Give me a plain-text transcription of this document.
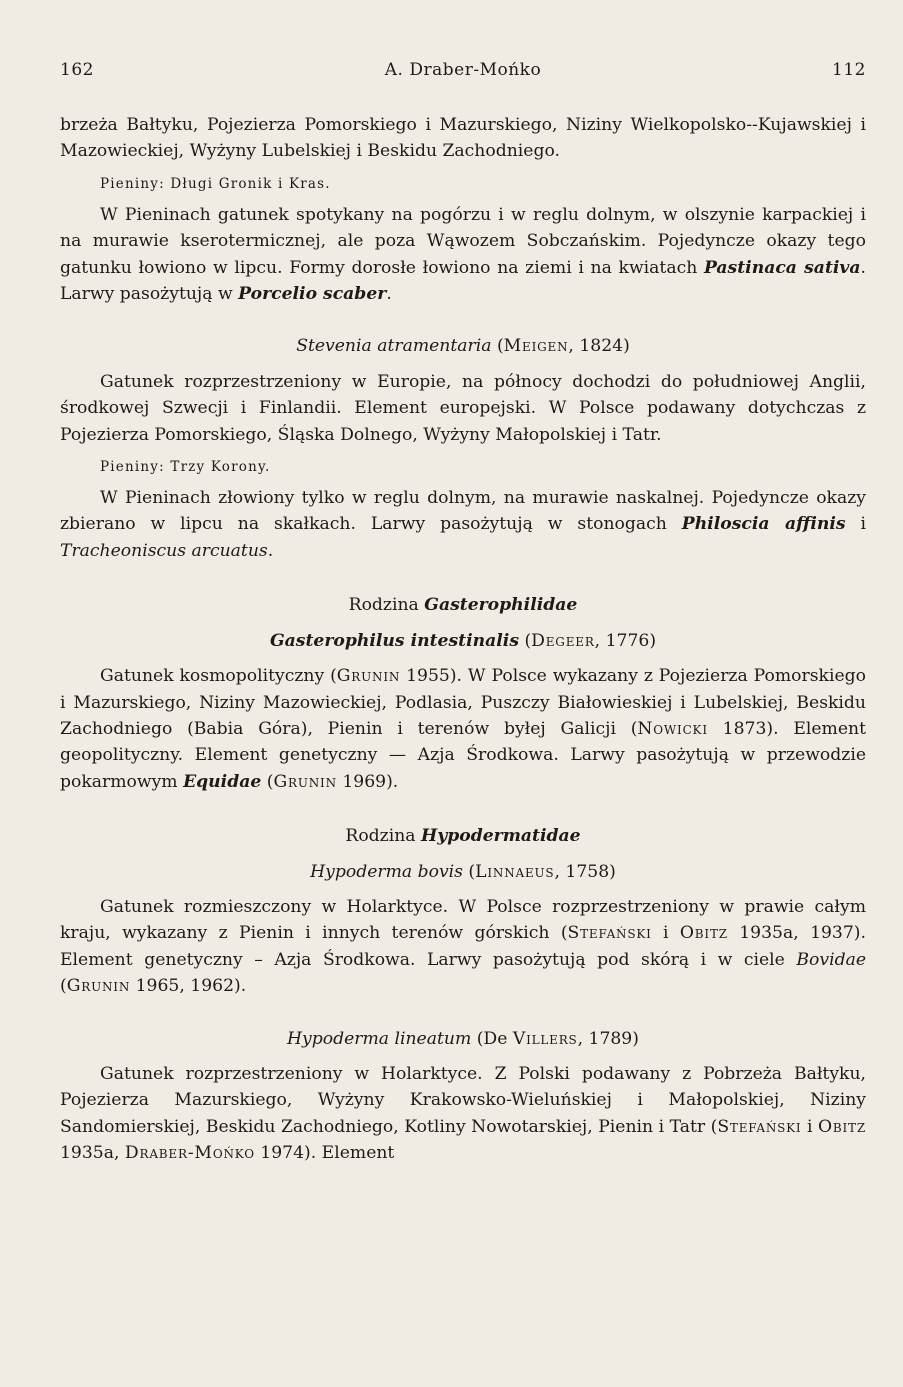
162	A. Draber-Mońko	112
brzeża Bałtyku, Pojezierza Pomorskiego i Mazurskiego, Niziny Wielkopolsko--Kujawskiej i Mazowieckiej, Wyżyny Lubelskiej i Beskidu Zachodniego.
Pieniny: Długi Gronik i Kras.
W Pieninach gatunek spotykany na pogórzu i w reglu dolnym, w olszynie karpackiej i na murawie kserotermicznej, ale poza Wąwozem Sobczańskim. Pojedyncze okazy tego gatunku łowiono w lipcu. Formy dorosłe łowiono na ziemi i na kwiatach Pastinaca sativa. Larwy pasożytują w Porcelio scaber.
Stevenia atramentaria (Meigen, 1824)
Gatunek rozprzestrzeniony w Europie, na północy dochodzi do południowej Anglii, środkowej Szwecji i Finlandii. Element europejski. W Polsce podawany dotychczas z Pojezierza Pomorskiego, Śląska Dolnego, Wyżyny Małopolskiej i Tatr.
Pieniny: Trzy Korony.
W Pieninach złowiony tylko w reglu dolnym, na murawie naskalnej. Pojedyncze okazy zbierano w lipcu na skałkach. Larwy pasożytują w stonogach Philoscia affinis i Tracheoniscus arcuatus.
Rodzina Gasterophilidae
Gasterophilus intestinalis (Degeer, 1776)
Gatunek kosmopolityczny (Grunin 1955). W Polsce wykazany z Pojezierza Pomorskiego i Mazurskiego, Niziny Mazowieckiej, Podlasia, Puszczy Białowieskiej i Lubelskiej, Beskidu Zachodniego (Babia Góra), Pienin i terenów byłej Galicji (Nowicki 1873). Element geopolityczny. Element genetyczny — Azja Środkowa. Larwy pasożytują w przewodzie pokarmowym Equidae (Grunin 1969).
Rodzina Hypodermatidae
Hypoderma bovis (Linnaeus, 1758)
Gatunek rozmieszczony w Holarktyce. W Polsce rozprzestrzeniony w prawie całym kraju, wykazany z Pienin i innych terenów górskich (Stefański i Obitz 1935a, 1937). Element genetyczny – Azja Środkowa. Larwy pasożytują pod skórą i w ciele Bovidae (Grunin 1965, 1962).
Hypoderma lineatum (De Villers, 1789)
Gatunek rozprzestrzeniony w Holarktyce. Z Polski podawany z Pobrzeża Bałtyku, Pojezierza Mazurskiego, Wyżyny Krakowsko-Wieluńskiej i Małopolskiej, Niziny Sandomierskiej, Beskidu Zachodniego, Kotliny Nowotarskiej, Pienin i Tatr (Stefański i Obitz 1935a, Draber-Mońko 1974). Element
